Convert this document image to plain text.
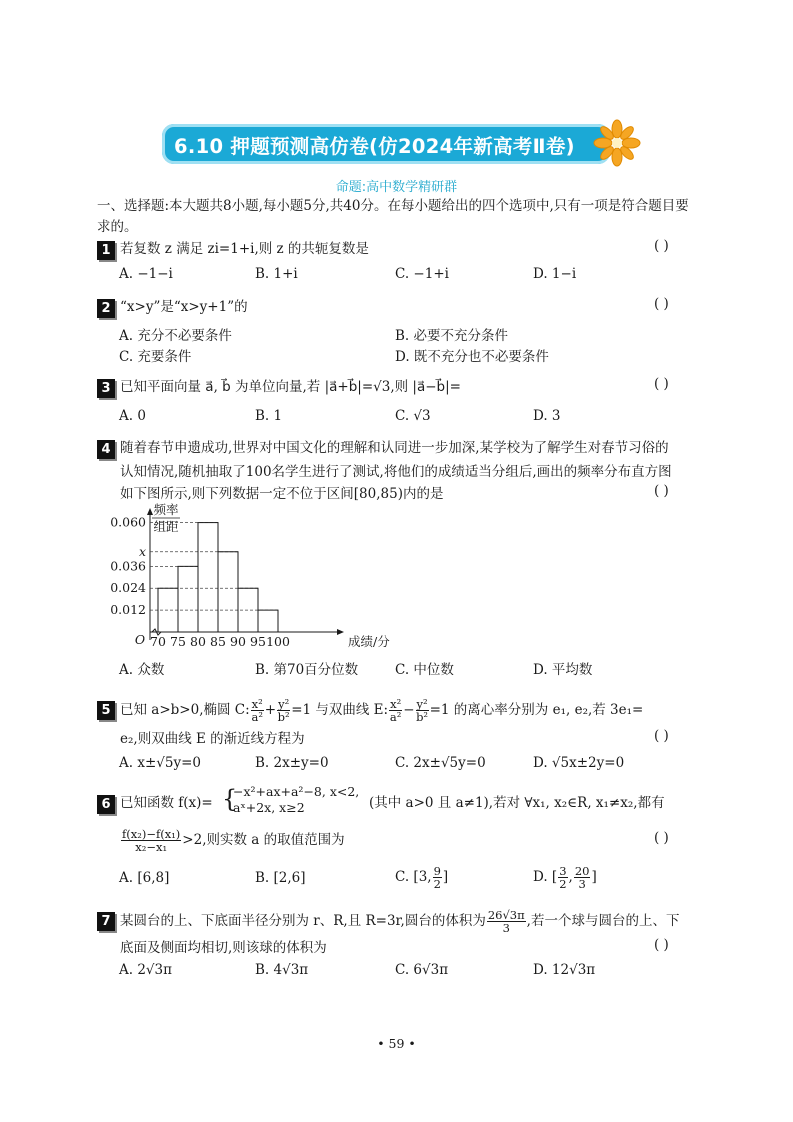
6.10 押题预测高仿卷(仿2024年新高考Ⅱ卷)
命题:高中数学精研群
一、选择题:本大题共8小题,每小题5分,共40分。在每小题给出的四个选项中,只有一项是符合题目要求的。
1 若复数 z 满足 zi=1+i,则 z 的共轭复数是	( )
A. −1−i	B. 1+i	C. −1+i	D. 1−i
2 “x>y”是“x>y+1”的	( )
A. 充分不必要条件	B. 必要不充分条件
C. 充要条件	D. 既不充分也不必要条件
3 已知平面向量 a⃗, b⃗ 为单位向量,若 |a⃗+b⃗|=√3,则 |a⃗−b⃗|=	( )
A. 0	B. 1	C. √3	D. 3
4 随着春节申遗成功,世界对中国文化的理解和认同进一步加深,某学校为了解学生对春节习俗的
认知情况,随机抽取了100名学生进行了测试,将他们的成绩适当分组后,画出的频率分布直方图
如下图所示,则下列数据一定不位于区间[80,85)内的是	( )
0.012
0.024
0.036
x
0.060
70 75 80 85 90 95 100	成绩/分
O
频率
组距
A. 众数	B. 第70百分位数	C. 中位数	D. 平均数
5 已知 a>b>0,椭圆 C: $\frac{\text{x²}}{\text{a²}} + \frac{\text{y²}}{\text{b²}} =1$ 与双曲线 E: $\frac{\text{x²}}{\text{a²}} - \frac{\text{y²}}{\text{b²}} =1$ 的离心率分别为 e₁, e₂,若 3e₁=
e₂,则双曲线 E 的渐近线方程为	( )
A. x±√5y=0	B. 2x±y=0	C. 2x±√5y=0	D. √5x±2y=0
6 已知函数 f(x)= {
−x²+ax+a²−8, x<2,
aˣ+2x, x≥2	(其中 a>0 且 a≠1),若对 ∀x₁, x₂∈R, x₁≠x₂,都有
$\frac{\text{f(x₂)−f(x₁)}}{\text{x₂−x₁}} >2$,则实数 a 的取值范围为	( )
A. [6,8]	B. [2,6]	C. [3, $\frac{9}{2}$ ]	D. [ $\frac{3}{2}$ , $\frac{20}{3}$ ]
7 某圆台的上、下底面半径分别为 r、R,且 R=3r,圆台的体积为 $\frac{26√3\pi}{3}$ ,若一个球与圆台的上、下
底面及侧面均相切,则该球的体积为	( )
A. 2√3π	B. 4√3π	C. 6√3π	D. 12√3π
• 59 •
